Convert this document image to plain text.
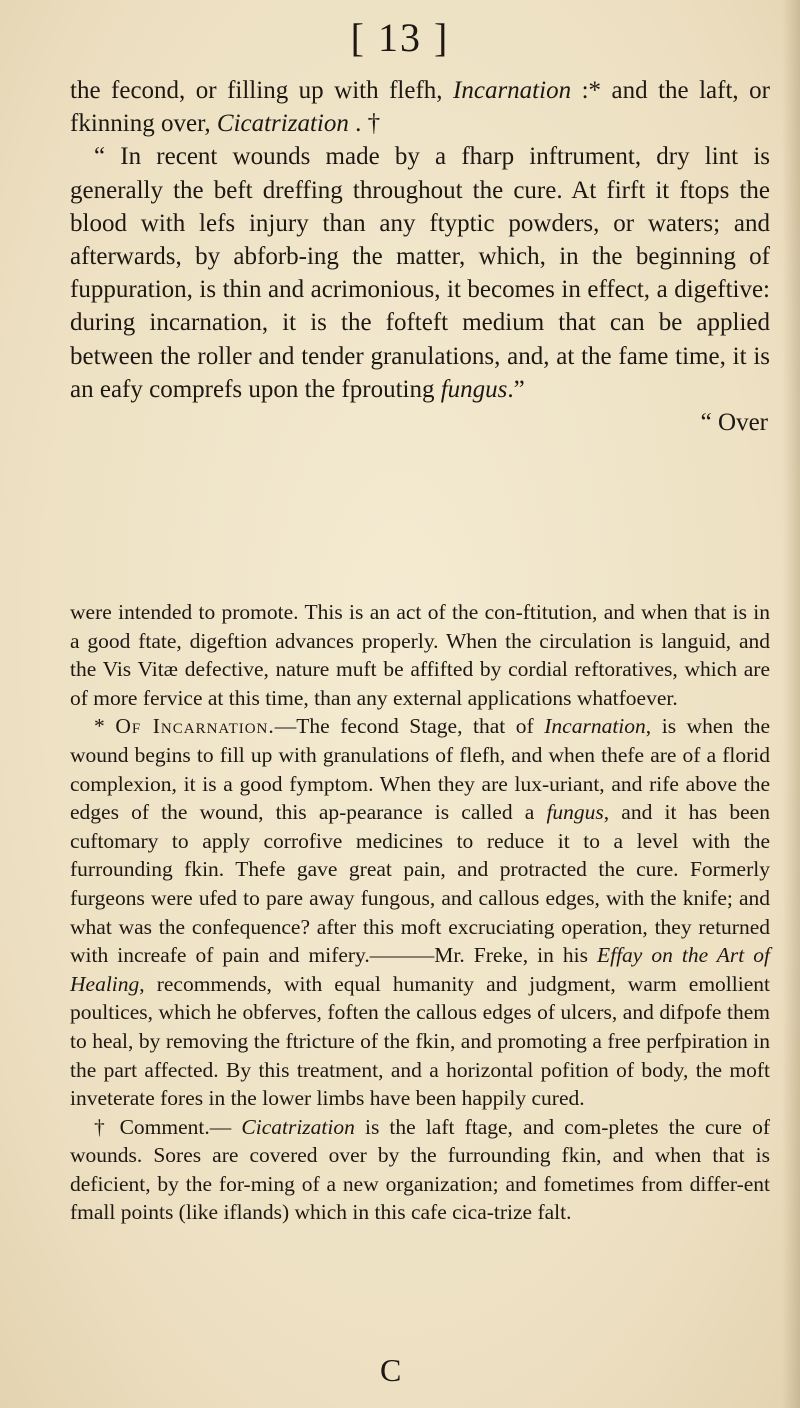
[ 13 ]

the fecond, or filling up with flefh, Incarnation :* and the laft, or fkinning over, Cicatrization . †

“ In recent wounds made by a fharp inftrument, dry lint is generally the beft dreffing throughout the cure. At firft it ftops the blood with lefs injury than any ftyptic powders, or waters; and afterwards, by abforb-ing the matter, which, in the beginning of fuppuration, is thin and acrimonious, it becomes in effect, a digeftive: during incarnation, it is the fofteft medium that can be applied between the roller and tender granulations, and, at the fame time, it is an eafy comprefs upon the fprouting fungus.”

“ Over

were intended to promote. This is an act of the con-ftitution, and when that is in a good ftate, digeftion advances properly. When the circulation is languid, and the Vis Vitæ defective, nature muft be affifted by cordial reftoratives, which are of more fervice at this time, than any external applications whatfoever.

* Of Incarnation.—The fecond Stage, that of Incarnation, is when the wound begins to fill up with granulations of flefh, and when thefe are of a florid complexion, it is a good fymptom. When they are lux-uriant, and rife above the edges of the wound, this ap-pearance is called a fungus, and it has been cuftomary to apply corrofive medicines to reduce it to a level with the furrounding fkin. Thefe gave great pain, and protracted the cure. Formerly furgeons were ufed to pare away fungous, and callous edges, with the knife; and what was the confequence? after this moft excruciating operation, they returned with increafe of pain and mifery.———Mr. Freke, in his Effay on the Art of Healing, recommends, with equal humanity and judgment, warm emollient poultices, which he obferves, foften the callous edges of ulcers, and difpofe them to heal, by removing the ftricture of the fkin, and promoting a free perfpiration in the part affected. By this treatment, and a horizontal pofition of body, the moft inveterate fores in the lower limbs have been happily cured.

† Comment.— Cicatrization is the laft ftage, and com-pletes the cure of wounds. Sores are covered over by the furrounding fkin, and when that is deficient, by the for-ming of a new organization; and fometimes from differ-ent fmall points (like iflands) which in this cafe cica-trize falt.

C
